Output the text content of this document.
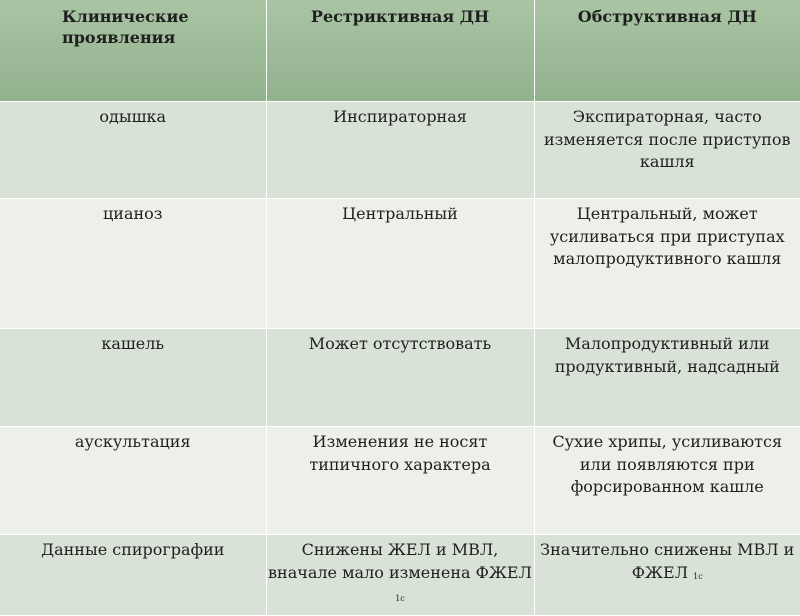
Клинические проявления	Рестриктивная ДН	Обструктивная ДН
одышка	Инспираторная	Экспираторная, часто изменяется после приступов кашля
цианоз	Центральный	Центральный, может усиливаться при приступах малопродуктивного кашля
кашель	Может отсутствовать	Малопродуктивный или продуктивный, надсадный
аускультация	Изменения не носят типичного характера	Сухие хрипы, усиливаются или появляются при форсированном кашле
Данные спирографии	Снижены ЖЕЛ и МВЛ, вначале мало изменена ФЖЕЛ 1с	Значительно снижены МВЛ и ФЖЕЛ 1с
